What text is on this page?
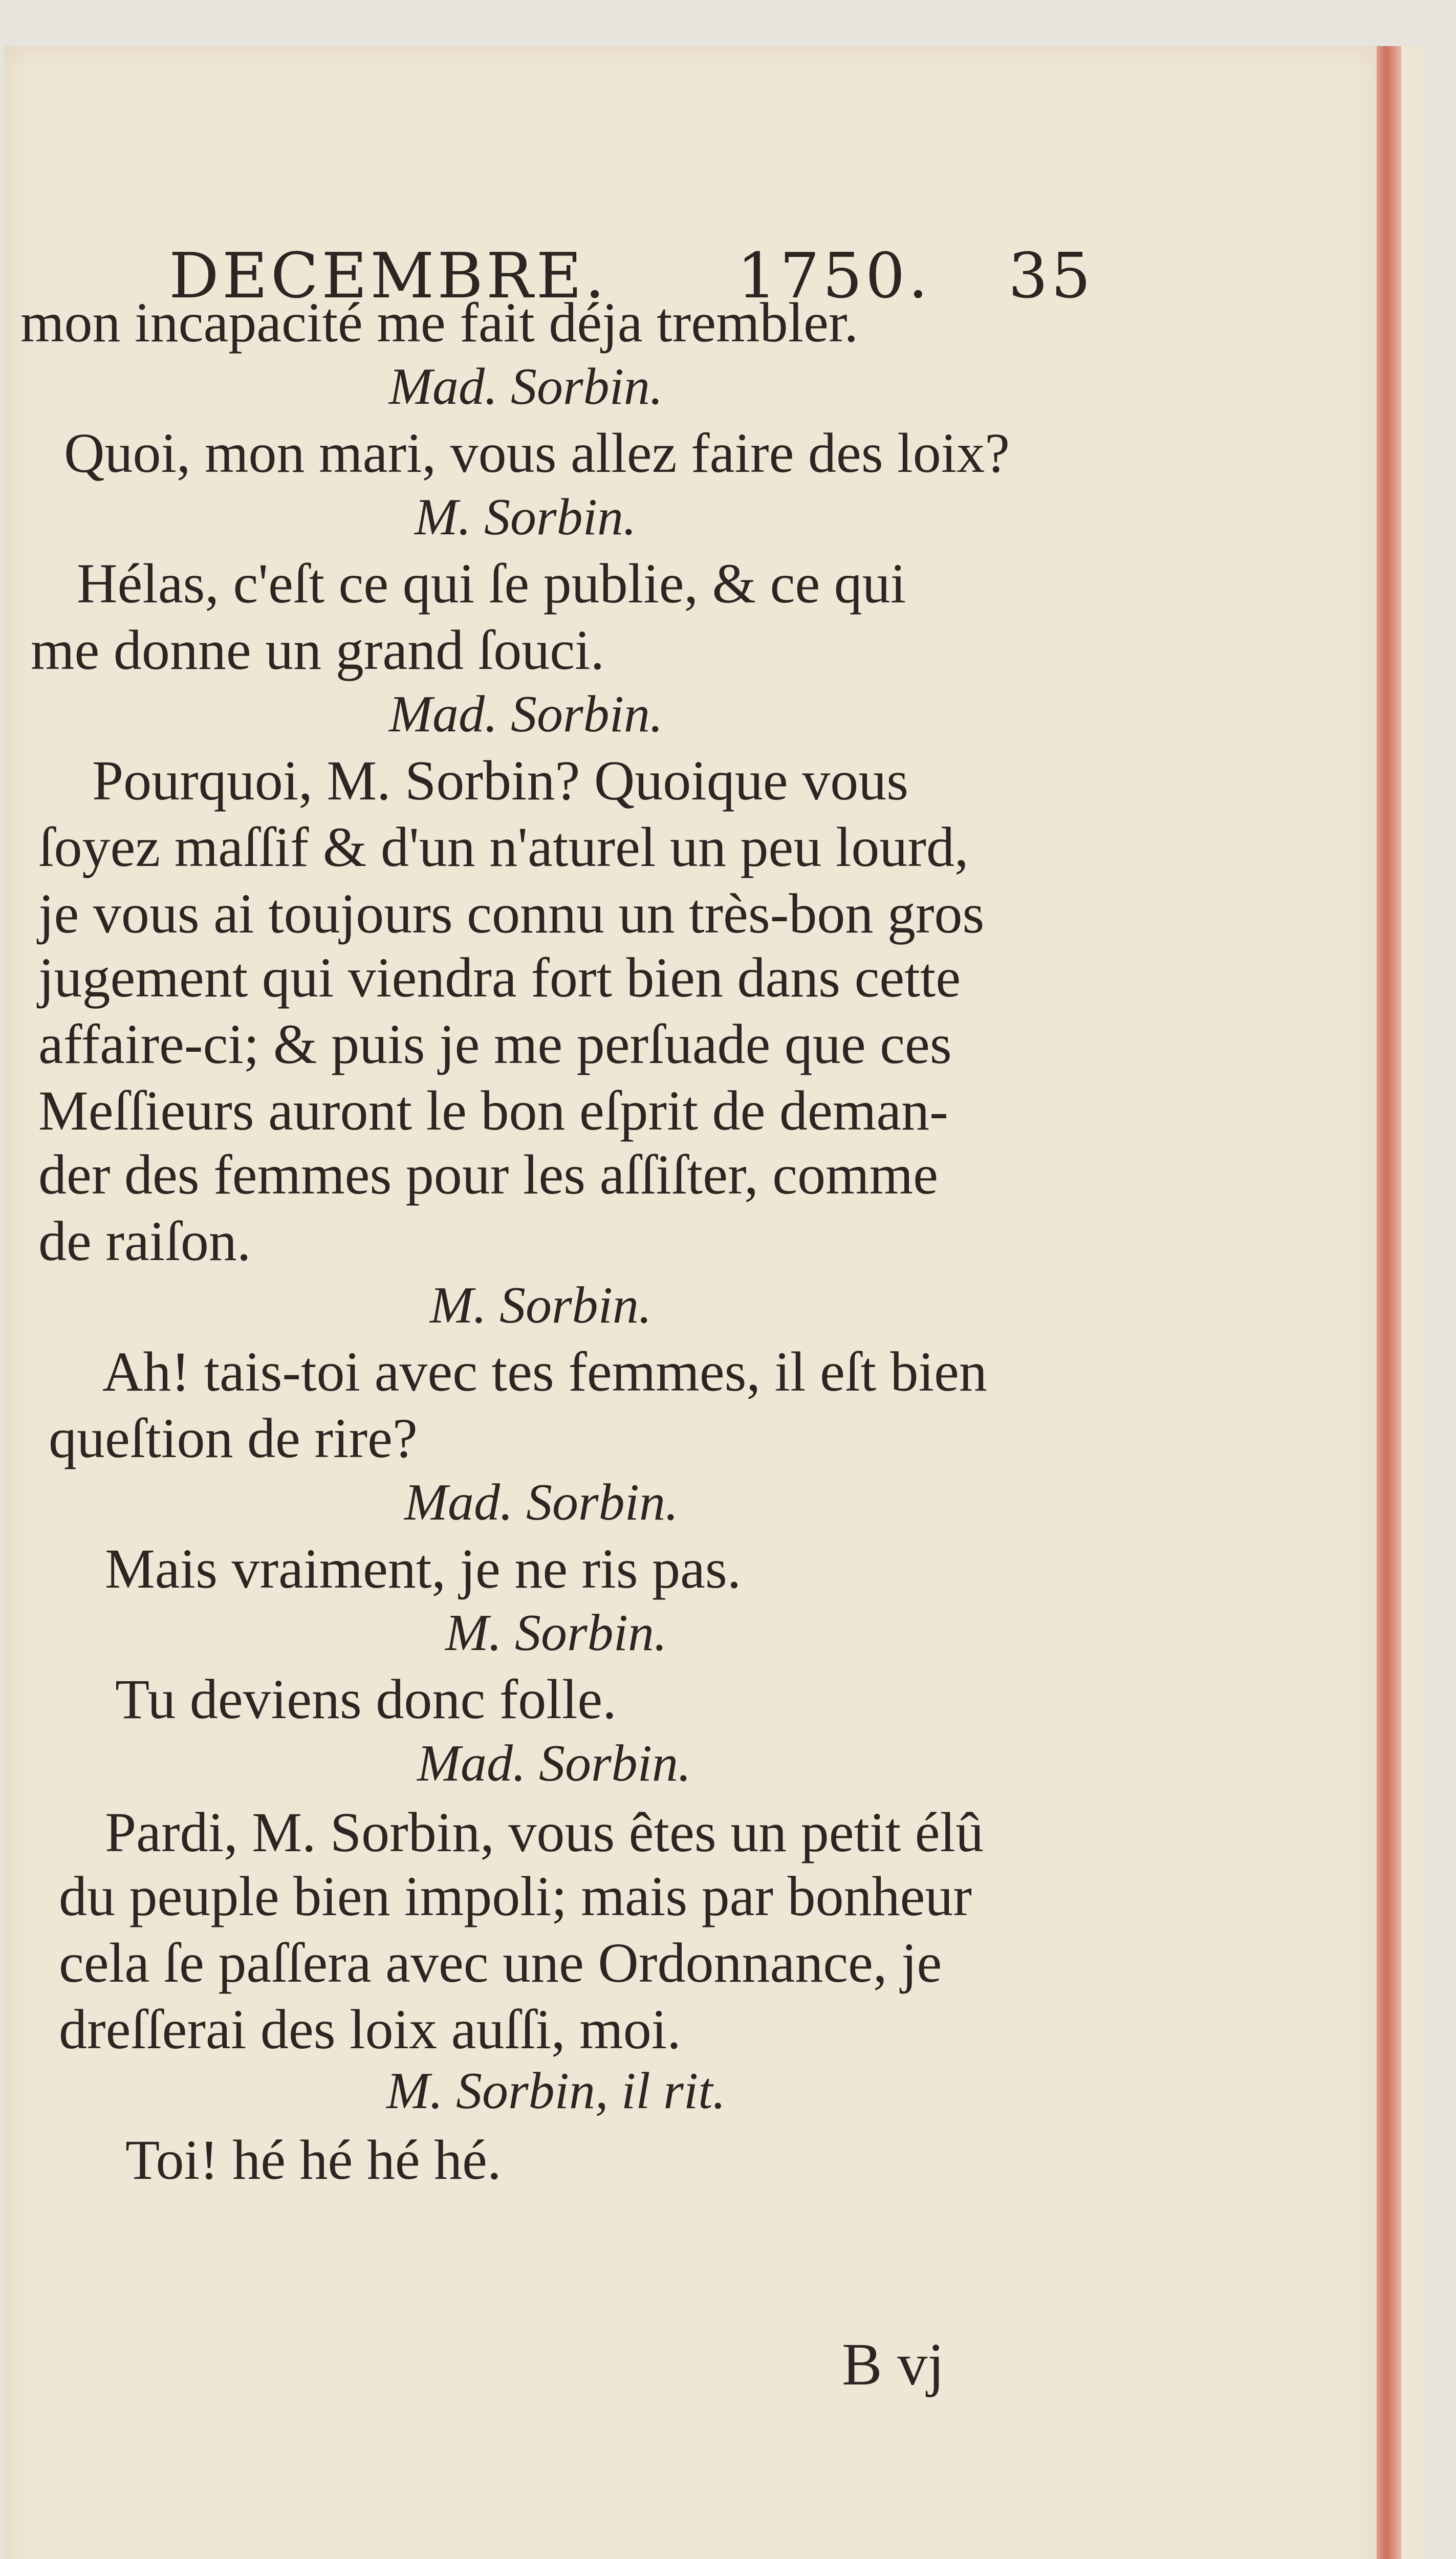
DECEMBRE. 1750. 35
mon incapacité me fait déja trembler.
Mad. Sorbin.
Quoi, mon mari, vous allez faire des loix?
M. Sorbin.
Hélas, c'eſt ce qui ſe publie, & ce qui
me donne un grand ſouci.
Mad. Sorbin.
Pourquoi, M. Sorbin? Quoique vous
ſoyez maſſif & d'un n'aturel un peu lourd,
je vous ai toujours connu un très-bon gros
jugement qui viendra fort bien dans cette
affaire-ci; & puis je me perſuade que ces
Meſſieurs auront le bon eſprit de deman-
der des femmes pour les aſſiſter, comme
de raiſon.
M. Sorbin.
Ah! tais-toi avec tes femmes, il eſt bien
queſtion de rire?
Mad. Sorbin.
Mais vraiment, je ne ris pas.
M. Sorbin.
Tu deviens donc folle.
Mad. Sorbin.
Pardi, M. Sorbin, vous êtes un petit élû
du peuple bien impoli; mais par bonheur
cela ſe paſſera avec une Ordonnance, je
dreſſerai des loix auſſi, moi.
M. Sorbin, il rit.
Toi! hé hé hé hé.
B vj
